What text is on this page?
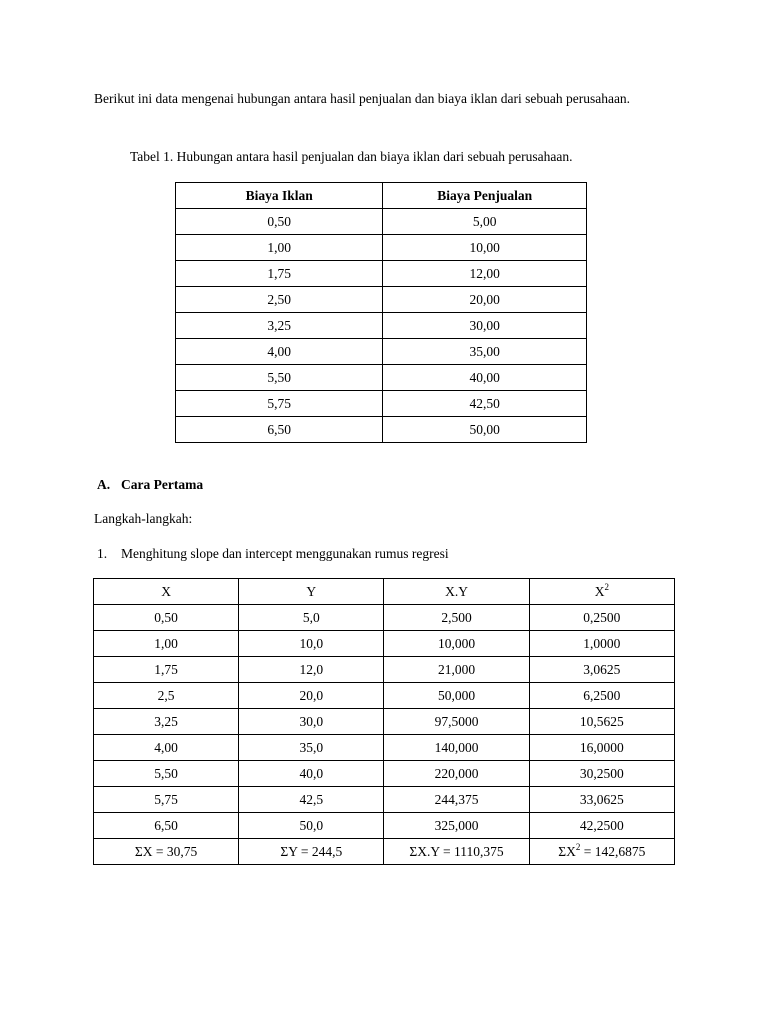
Berikut ini data mengenai hubungan antara hasil penjualan dan biaya iklan dari sebuah perusahaan.

Tabel 1. Hubungan antara hasil penjualan dan biaya iklan dari sebuah perusahaan.
Biaya Iklan	Biaya Penjualan
0,50	5,00
1,00	10,00
1,75	12,00
2,50	20,00
3,25	30,00
4,00	35,00
5,50	40,00
5,75	42,50
6,50	50,00
A. Cara Pertama
Langkah-langkah:
1. Menghitung slope dan intercept menggunakan rumus regresi
X	Y	X.Y	$X^2$
0,50	5,0	2,500	0,2500
1,00	10,0	10,000	1,0000
1,75	12,0	21,000	3,0625
2,5	20,0	50,000	6,2500
3,25	30,0	97,5000	10,5625
4,00	35,0	140,000	16,0000
5,50	40,0	220,000	30,2500
5,75	42,5	244,375	33,0625
6,50	50,0	325,000	42,2500
ΣX = 30,75	ΣY = 244,5	ΣX.Y = 1110,375	$\Sigma X^2 = 142,6875$
